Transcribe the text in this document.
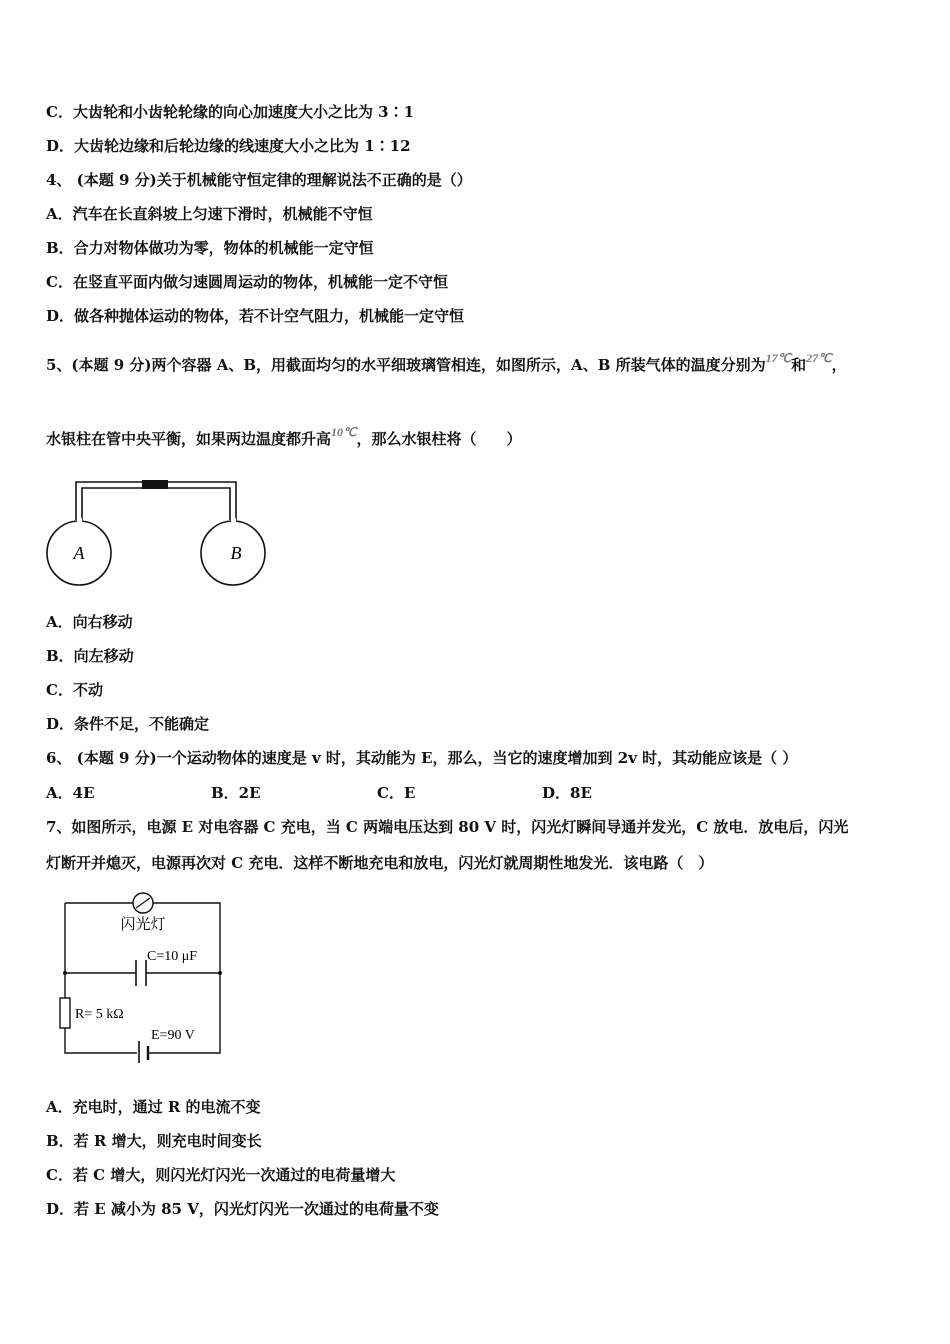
C．大齿轮和小齿轮轮缘的向心加速度大小之比为 3∶1
D．大齿轮边缘和后轮边缘的线速度大小之比为 1∶12
4、 (本题 9 分)关于机械能守恒定律的理解说法不正确的是（）
A．汽车在长直斜坡上匀速下滑时，机械能不守恒
B．合力对物体做功为零，物体的机械能一定守恒
C．在竖直平面内做匀速圆周运动的物体，机械能一定不守恒
D．做各种抛体运动的物体，若不计空气阻力，机械能一定守恒
5、(本题 9 分)两个容器 A、B，用截面均匀的水平细玻璃管相连，如图所示，A、B 所装气体的温度分别为$^{17℃}$和$^{27℃}$，
水银柱在管中央平衡，如果两边温度都升高$^{10℃}$，那么水银柱将（　　）
A	B
A．向右移动
B．向左移动
C．不动
D．条件不足，不能确定
6、 (本题 9 分)一个运动物体的速度是 v 时，其动能为 E，那么，当它的速度增加到 2v 时，其动能应该是（ ）
A．4E	B．2E	C．E	D．8E
7、如图所示，电源 E 对电容器 C 充电，当 C 两端电压达到 80 V 时，闪光灯瞬间导通并发光，C 放电．放电后，闪光
灯断开并熄灭，电源再次对 C 充电．这样不断地充电和放电，闪光灯就周期性地发光．该电路（　）
闪光灯
C=10 μF
R= 5 kΩ
E=90 V
A．充电时，通过 R 的电流不变
B．若 R 增大，则充电时间变长
C．若 C 增大，则闪光灯闪光一次通过的电荷量增大
D．若 E 减小为 85 V，闪光灯闪光一次通过的电荷量不变
